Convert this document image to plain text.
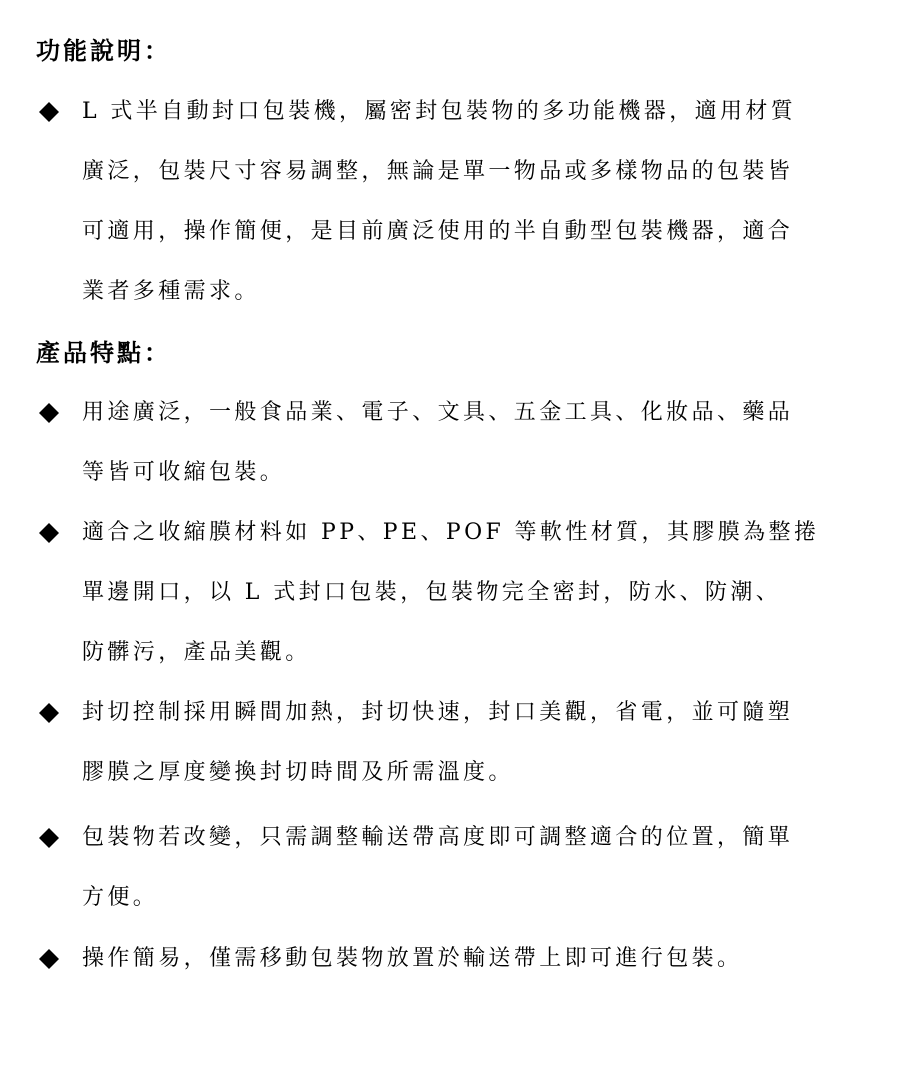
功能說明：
L 式半自動封口包裝機，屬密封包裝物的多功能機器，適用材質
廣泛，包裝尺寸容易調整，無論是單一物品或多樣物品的包裝皆
可適用，操作簡便，是目前廣泛使用的半自動型包裝機器，適合
業者多種需求。
產品特點：
用途廣泛，一般食品業、電子、文具、五金工具、化妝品、藥品
等皆可收縮包裝。
適合之收縮膜材料如 PP、PE、POF 等軟性材質，其膠膜為整捲
單邊開口，以 L 式封口包裝，包裝物完全密封，防水、防潮、
防髒污，產品美觀。
封切控制採用瞬間加熱，封切快速，封口美觀，省電，並可隨塑
膠膜之厚度變換封切時間及所需溫度。
包裝物若改變，只需調整輸送帶高度即可調整適合的位置，簡單
方便。
操作簡易，僅需移動包裝物放置於輸送帶上即可進行包裝。
